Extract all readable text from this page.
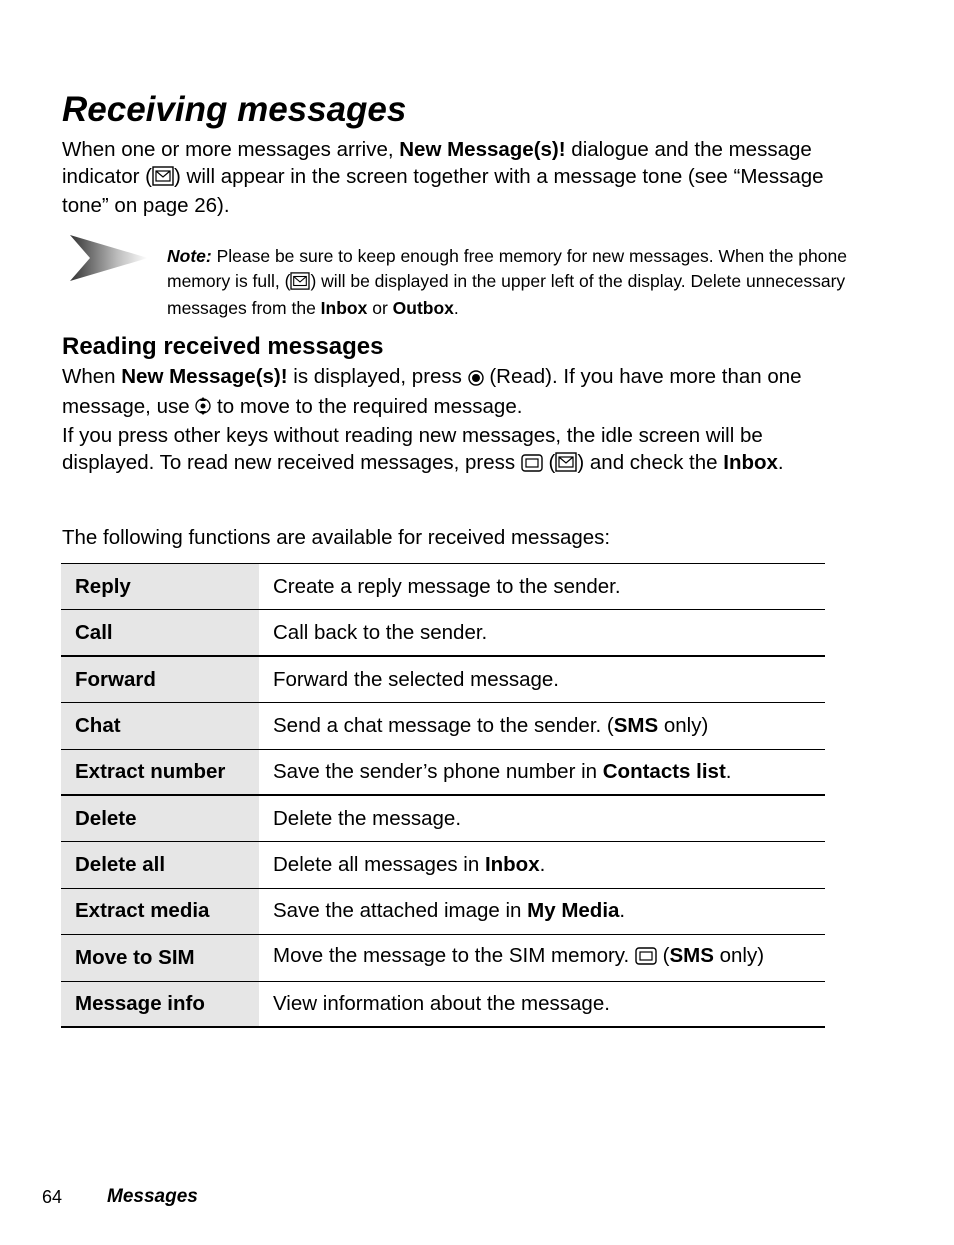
Receiving messages
When one or more messages arrive, New Message(s)! dialogue and the message indicator ( ) will appear in the screen together with a message tone (see “Message tone” on page 26).
Note: Please be sure to keep enough free memory for new messages. When the phone memory is full, ( ) will be displayed in the upper left of the display. Delete unnecessary messages from the Inbox or Outbox.
Reading received messages
When New Message(s)! is displayed, press  (Read). If you have more than one message, use  to move to the required message.
If you press other keys without reading new messages, the idle screen will be displayed. To read new received messages, press  ( ) and check the Inbox.
The following functions are available for received messages:
Reply	Create a reply message to the sender.
Call	Call back to the sender.
Forward	Forward the selected message.
Chat	Send a chat message to the sender. (SMS only)
Extract number	Save the sender’s phone number in Contacts list.
Delete	Delete the message.
Delete all	Delete all messages in Inbox.
Extract media	Save the attached image in My Media.
Move to SIM	Move the message to the SIM memory.  (SMS only)
Message info	View information about the message.
64 Messages
